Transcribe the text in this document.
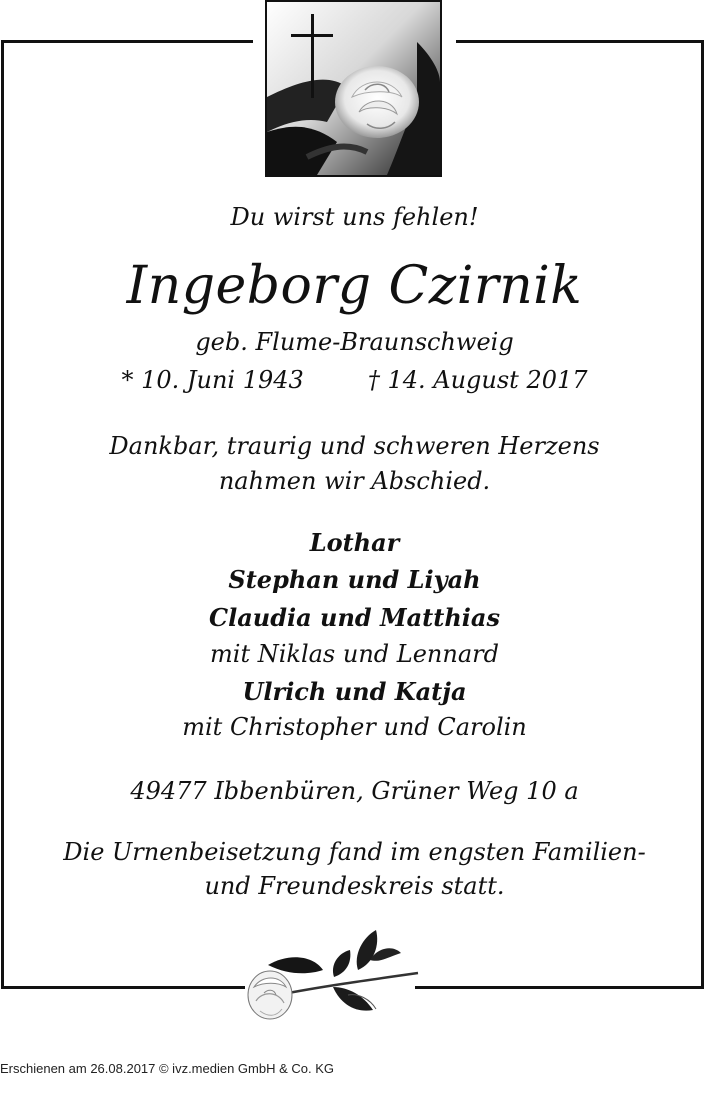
Du wirst uns fehlen!
Ingeborg Czirnik
geb. Flume-Braunschweig
* 10. Juni 1943	† 14. August 2017
Dankbar, traurig und schweren Herzens
nahmen wir Abschied.
Lothar
Stephan und Liyah
Claudia und Matthias
mit Niklas und Lennard
Ulrich und Katja
mit Christopher und Carolin
49477 Ibbenbüren, Grüner Weg 10 a
Die Urnenbeisetzung fand im engsten Familien-
und Freundeskreis statt.
Erschienen am 26.08.2017 © ivz.medien GmbH & Co. KG
